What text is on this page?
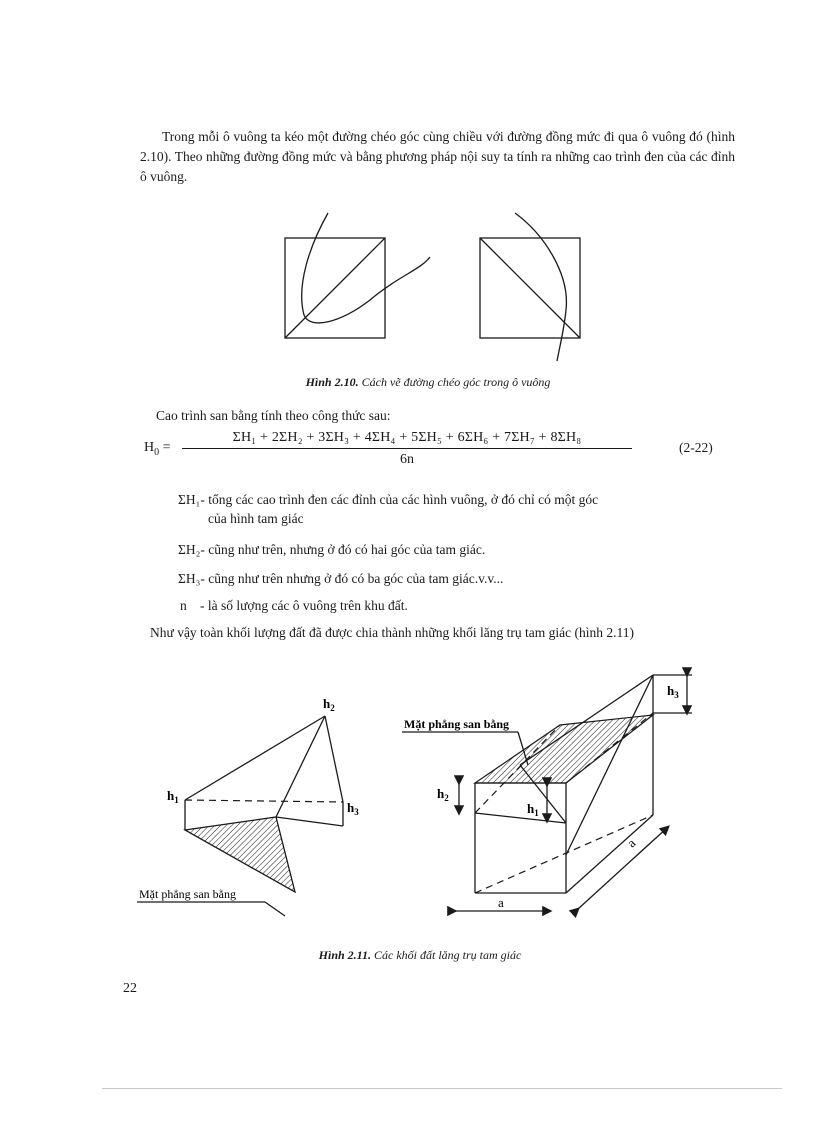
Trong mỗi ô vuông ta kéo một đường chéo góc cùng chiều với đường đồng mức đi qua ô vuông đó (hình 2.10). Theo những đường đồng mức và bằng phương pháp nội suy ta tính ra những cao trình đen của các đỉnh ô vuông.
Hình 2.10. Cách vẽ đường chéo góc trong ô vuông
Cao trình san bằng tính theo công thức sau:
$H_0 = \frac{\text{ΣH₁ + 2ΣH₂ + 3ΣH₃ + 4ΣH₄ + 5ΣH₅ + 6ΣH₆ + 7ΣH₇ + 8ΣH₈}}{6n}$	(2-22)
ΣH₁- tổng các cao trình đen các đỉnh của các hình vuông, ở đó chỉ có một góc
của hình tam giác
ΣH₂- cũng như trên, nhưng ở đó có hai góc của tam giác.
ΣH₃- cũng như trên nhưng ở đó có ba góc của tam giác.v.v...
n - là số lượng các ô vuông trên khu đất.
Như vậy toàn khối lượng đất đã được chia thành những khối lăng trụ tam giác (hình 2.11)
$h_2$
$h_1$	$h_3$
Mặt phẳng san bằng
Mặt phẳng san bằng
$h_3$
$h_2$
$h_1$
a
a
Hình 2.11. Các khối đất lăng trụ tam giác
22
